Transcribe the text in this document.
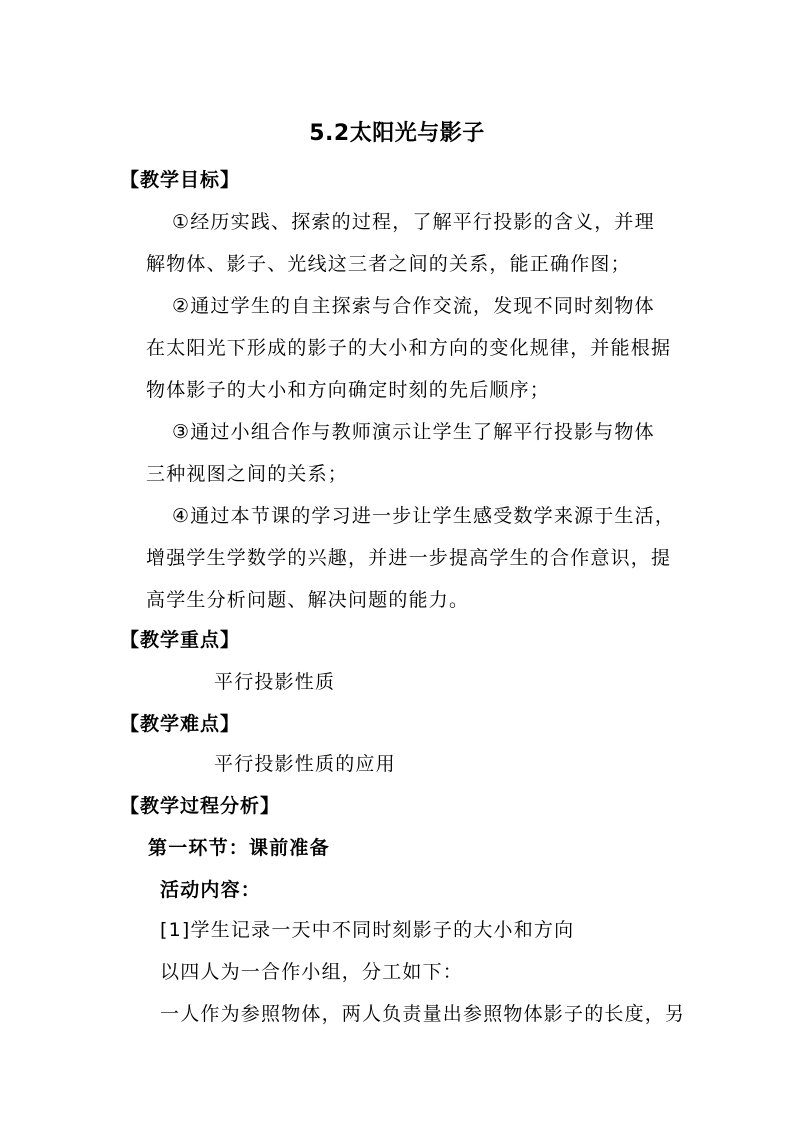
5.2太阳光与影子
【教学目标】
①经历实践、探索的过程，了解平行投影的含义，并理
解物体、影子、光线这三者之间的关系，能正确作图；
②通过学生的自主探索与合作交流，发现不同时刻物体
在太阳光下形成的影子的大小和方向的变化规律，并能根据
物体影子的大小和方向确定时刻的先后顺序；
③通过小组合作与教师演示让学生了解平行投影与物体
三种视图之间的关系；
④通过本节课的学习进一步让学生感受数学来源于生活，
增强学生学数学的兴趣，并进一步提高学生的合作意识，提
高学生分析问题、解决问题的能力。
【教学重点】
平行投影性质
【教学难点】
平行投影性质的应用
【教学过程分析】
第一环节：课前准备
活动内容：
[1]学生记录一天中不同时刻影子的大小和方向
以四人为一合作小组，分工如下：
一人作为参照物体，两人负责量出参照物体影子的长度，另
